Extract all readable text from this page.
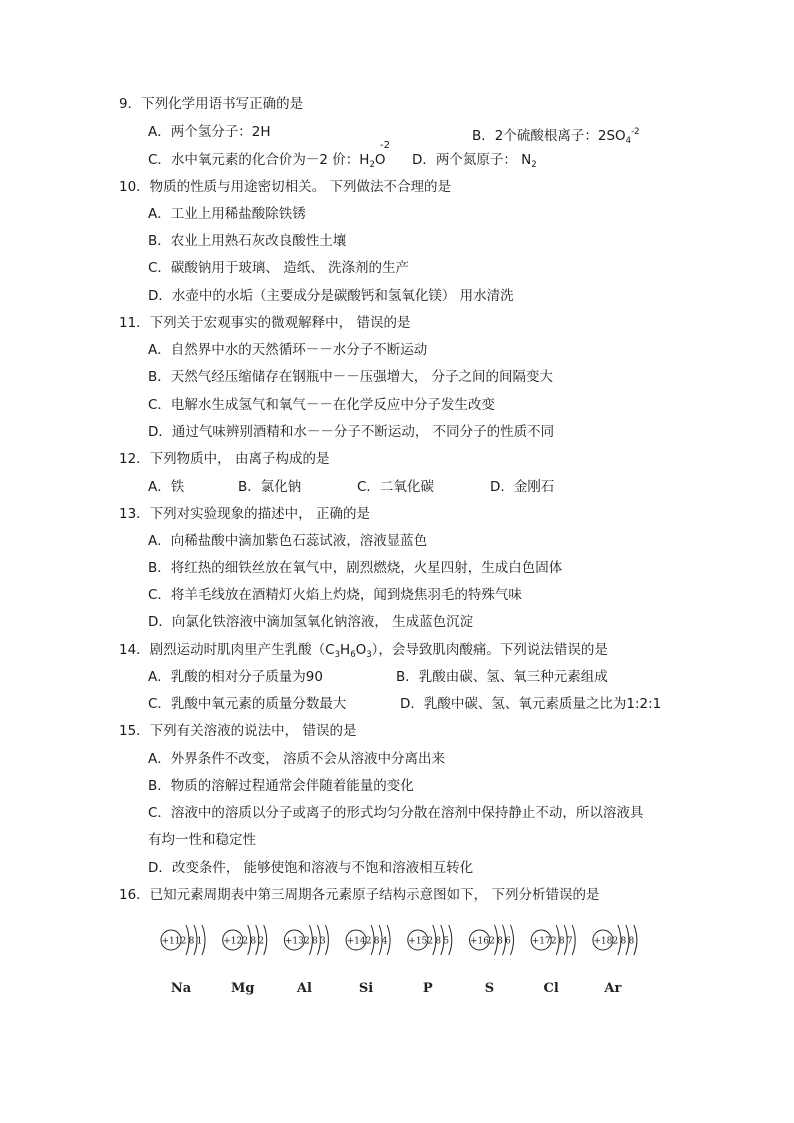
9．下列化学用语书写正确的是
A．两个氢分子：2H	B．2个硫酸根离子：$2SO_4^{-2}$
-2
C．水中氧元素的化合价为－2 价：$H_2O$ D．两个氮原子： $N_2$
10．物质的性质与用途密切相关。 下列做法不合理的是
A．工业上用稀盐酸除铁锈
B．农业上用熟石灰改良酸性土壤
C．碳酸钠用于玻璃、 造纸、 洗涤剂的生产
D．水壶中的水垢（主要成分是碳酸钙和氢氧化镁） 用水清洗
11．下列关于宏观事实的微观解释中， 错误的是
A．自然界中水的天然循环－－水分子不断运动
B．天然气经压缩储存在钢瓶中－－压强增大， 分子之间的间隔变大
C．电解水生成氢气和氧气－－在化学反应中分子发生改变
D．通过气味辨别酒精和水－－分子不断运动， 不同分子的性质不同
12．下列物质中， 由离子构成的是
A．铁	B．氯化钠	C．二氧化碳	D．金刚石
13．下列对实验现象的描述中， 正确的是
A．向稀盐酸中滴加紫色石蕊试液，溶液显蓝色
B．将红热的细铁丝放在氧气中，剧烈燃烧，火星四射，生成白色固体
C．将羊毛线放在酒精灯火焰上灼烧，闻到烧焦羽毛的特殊气味
D．向氯化铁溶液中滴加氢氧化钠溶液， 生成蓝色沉淀
14．剧烈运动时肌肉里产生乳酸$(C_3H_6O_3)$，会导致肌肉酸痛。下列说法错误的是
A．乳酸的相对分子质量为90	B．乳酸由碳、氢、氧三种元素组成
C．乳酸中氧元素的质量分数最大	D．乳酸中碳、氢、氧元素质量之比为1:2:1
15．下列有关溶液的说法中， 错误的是
A．外界条件不改变， 溶质不会从溶液中分离出来
B．物质的溶解过程通常会伴随着能量的变化
C．溶液中的溶质以分子或离子的形式均匀分散在溶剂中保持静止不动，所以溶液具
有均一性和稳定性
D．改变条件， 能够使饱和溶液与不饱和溶液相互转化
16．已知元素周期表中第三周期各元素原子结构示意图如下， 下列分析错误的是
+11 2 8 1
Na
+12 2 8 2
Mg
+13 2 8 3
Al
+14 2 8 4
Si
+15 2 8 5
P
+16 2 8 6
S
+17 2 8 7
Cl
+18 2 8 8
Ar
